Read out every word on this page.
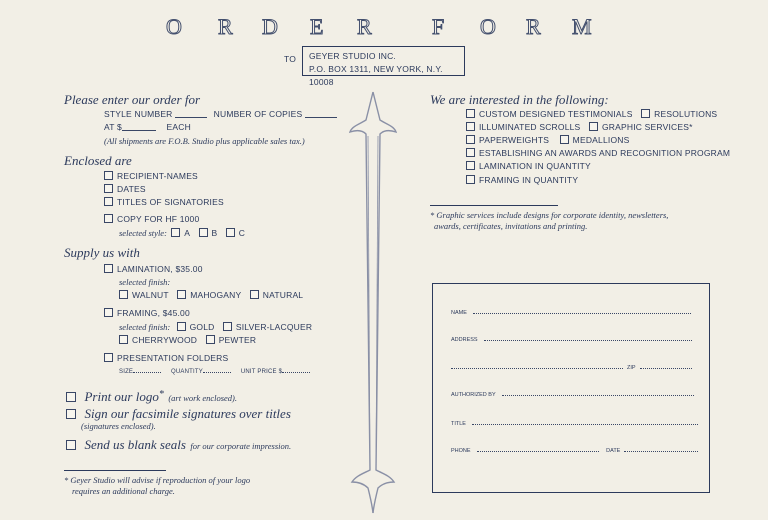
O R D E R	F O R M
TO GEYER STUDIO INC.
P.O. BOX 1311, NEW YORK, N.Y. 10008
Please enter our order for
STYLE NUMBER	NUMBER OF COPIES
AT $	EACH
(All shipments are F.O.B. Studio plus applicable sales tax.)
Enclosed are
RECIPIENT-NAMES
DATES
TITLES OF SIGNATORIES
COPY FOR HF 1000
selected style: A	B	C
Supply us with
LAMINATION, $35.00
selected finish:
WALNUT	MAHOGANY	NATURAL
FRAMING, $45.00
selected finish: GOLD	SILVER-LACQUER
CHERRYWOOD	PEWTER
PRESENTATION FOLDERS
SIZE	QUANTITY	UNIT PRICE $
Print our logo* (art work enclosed).
Sign our facsimile signatures over titles
(signatures enclosed).
Send us blank seals for our corporate impression.
* Geyer Studio will advise if reproduction of your logo
requires an additional charge.
We are interested in the following:
CUSTOM DESIGNED TESTIMONIALS	RESOLUTIONS
ILLUMINATED SCROLLS	GRAPHIC SERVICES*
PAPERWEIGHTS	MEDALLIONS
ESTABLISHING AN AWARDS AND RECOGNITION PROGRAM
LAMINATION IN QUANTITY
FRAMING IN QUANTITY
* Graphic services include designs for corporate identity, newsletters,
awards, certificates, invitations and printing.
NAME
ADDRESS
ZIP
AUTHORIZED BY
TITLE
PHONE	DATE
